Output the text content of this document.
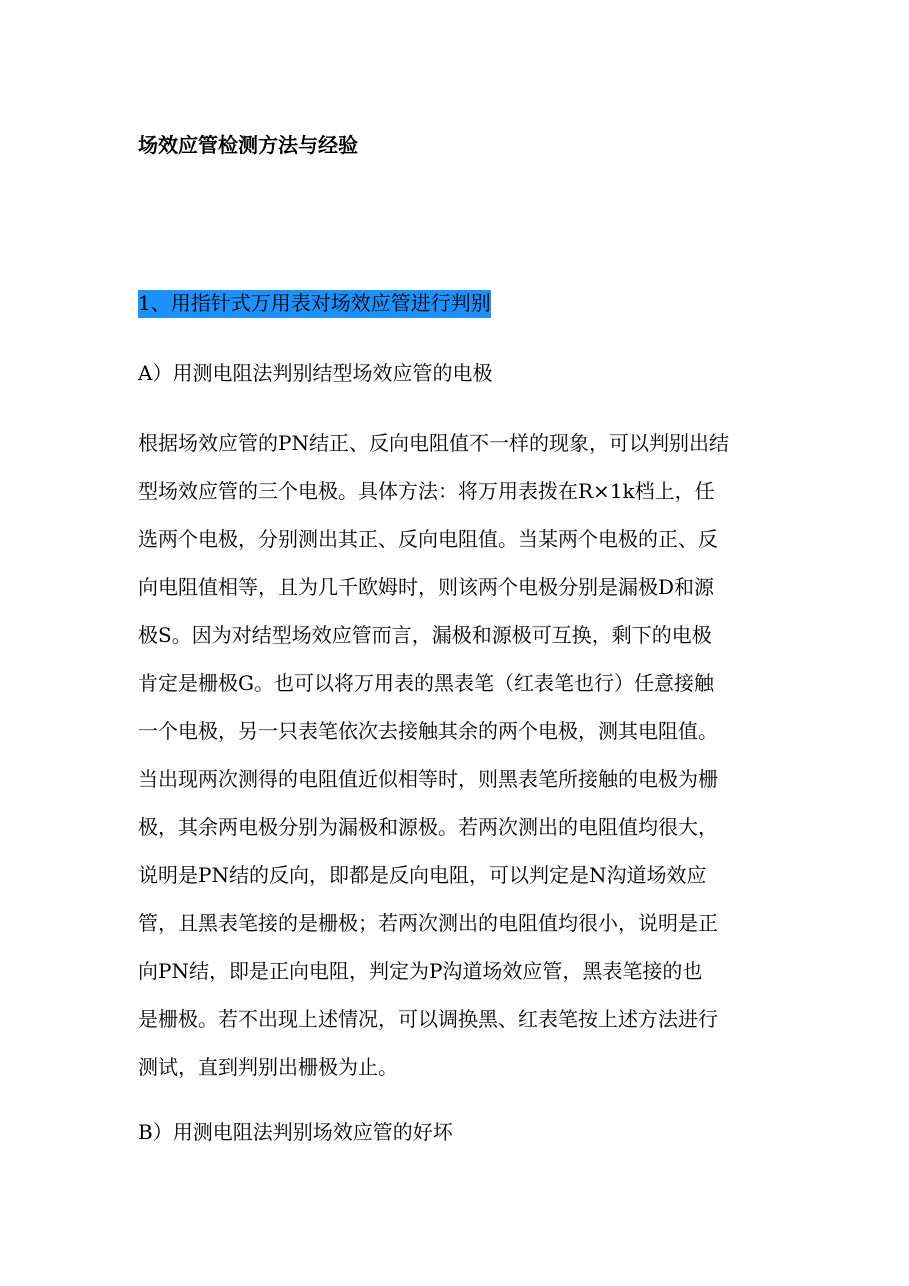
场效应管检测方法与经验
1、用指针式万用表对场效应管进行判别
A）用测电阻法判别结型场效应管的电极
根据场效应管的PN结正、反向电阻值不一样的现象，可以判别出结
型场效应管的三个电极。具体方法：将万用表拨在R×1k档上，任
选两个电极，分别测出其正、反向电阻值。当某两个电极的正、反
向电阻值相等，且为几千欧姆时，则该两个电极分别是漏极D和源
极S。因为对结型场效应管而言，漏极和源极可互换，剩下的电极
肯定是栅极G。也可以将万用表的黑表笔（红表笔也行）任意接触
一个电极，另一只表笔依次去接触其余的两个电极，测其电阻值。
当出现两次测得的电阻值近似相等时，则黑表笔所接触的电极为栅
极，其余两电极分别为漏极和源极。若两次测出的电阻值均很大，
说明是PN结的反向，即都是反向电阻，可以判定是N沟道场效应
管，且黑表笔接的是栅极；若两次测出的电阻值均很小，说明是正
向PN结，即是正向电阻，判定为P沟道场效应管，黑表笔接的也
是栅极。若不出现上述情况，可以调换黑、红表笔按上述方法进行
测试，直到判别出栅极为止。
B）用测电阻法判别场效应管的好坏
